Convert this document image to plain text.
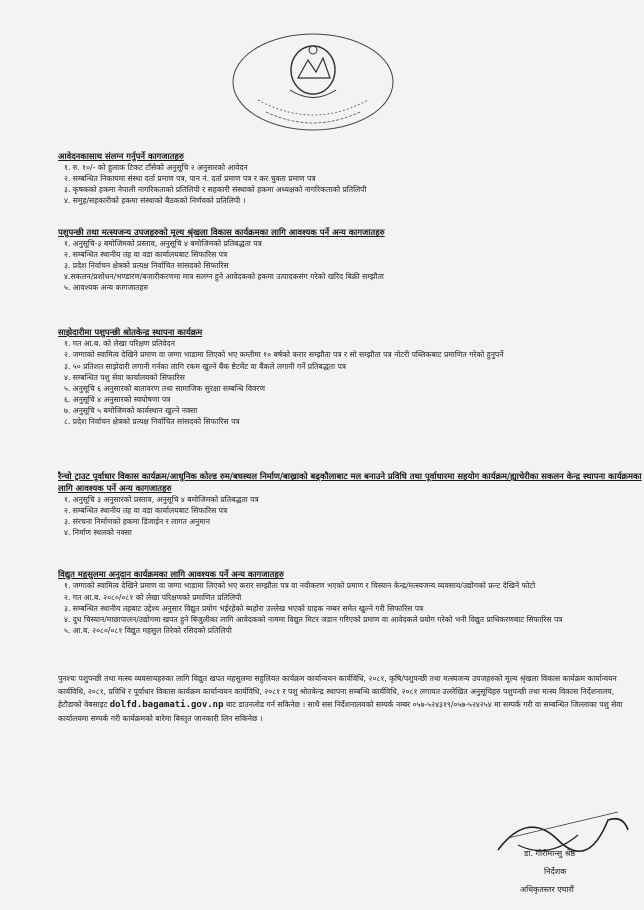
आवेदनकासाथ संलग्न गर्नुपर्ने कागजातहरु
१. रु. १०/- को हुलाक टिकट टाँसेको अनुसूचि २ अनुसारको आवेदन
२. सम्बन्धित निकायमा संस्था दर्ता प्रमाण पत्र, पान नं. दर्ता प्रमाण पत्र र कर चुक्ता प्रमाण पत्र
३. कृषकको हकमा नेपाली नागरिकताको प्रतिलिपी र सहकारी संस्थाको हकमा अध्यक्षको नागरिकताको प्रतिलिपी
४. समुह/सहकारीको हकमा संस्थाको बैठकको निर्णयको प्रतिलिपी ।
पशुपन्छी तथा मत्स्यजन्य उपजहरुको मूल्य श्रृंखला विकास कार्यक्रमका लागि आवश्यक पर्ने अन्य कागजातहरु
१. अनुसूचि-३ बमोजिमको प्रस्ताव, अनुसूचि ४ बमोजिमको प्रतिबद्धता पत्र
२. सम्बन्धित स्थानीय तह वा वडा कार्यालयबाट सिफारिस पत्र
३. प्रदेश निर्वाचन क्षेत्रको प्रत्यक्ष निर्वाचित सांसदको सिफारिस
४.सकलन/प्रशोधन/भण्डारण/बजारीकरणमा मात्र सलग्न हुने आवेदकको हकमा उत्पादकसंग गरेको खरिद बिक्री सम्झौता
५. आवश्यक अन्य कागजातहरु
साझेदारीमा पशुपन्छी श्रोतकेन्द्र स्थापना कार्यक्रम
१. गत आ.ब. को लेखा परिक्षण प्रतिवेदन
२. जग्गाको स्वामित्व देखिने प्रमाण वा जग्गा भाडामा लिएको भए कम्तीमा १० बर्षको करार सम्झौता पत्र र सो सम्झौता पत्र नोटरी पब्लिकबाट प्रमाणित गरेको हुनुपर्ने
३. ५० प्रतिशत साझेदारी लगानी गर्नका लागि रकम खुल्ने बैंक ष्टेटमेंट वा बैंकले लगानी गर्ने प्रतिबद्धता पत्र
४. सम्बन्धित पशु सेवा कार्यालयको सिफारिस
५. अनुसूचि ६ अनुसारको बातावरण तथा सामाजिक सुरक्षा सम्बन्धि विवरण
६. अनुसूचि ४ अनुसारको स्वघोषणा पत्र
७. अनुसूचि ५ बमोजिमको कार्यस्थान खुल्ने नक्सा
८. प्रदेश निर्वाचन क्षेत्रको प्रत्यक्ष निर्वाचित सांसदको सिफारिस पत्र
रैन्चो ट्राउट पूर्वाधार विकास कार्यक्रम/आधुनिक कोल्ड रुम/बधस्थल निर्माण/बाख्राको बढ्कौलाबाट मल बनाउने प्रविधि तथा पूर्वाधारमा सहयोग कार्यक्रम/ह्याचेरीका सकलन केन्द्र स्थापना कार्यक्रमका लागि आवश्यक पर्ने अन्य कागजातहरु
१. अनुसूचि ३ अनुसारको प्रस्ताव, अनुसूचि ४ बमोजिमको प्रतिबद्धता पत्र
२. सम्बन्धित स्थानीय तह वा वडा कार्यालयबाट सिफारिस पत्र
३. संरचना निर्माणको हकमा डिजाईन र लागत अनुमान
४. निर्माण स्थलको नक्सा
विद्युत महसुलमा अनुदान कार्यक्रमका लागि आवश्यक पर्ने अन्य कागजातहरु
१. जग्गाको स्वामित्व देखिने प्रमाण वा जग्गा भाडामा लिएको भए करार सम्झौता पत्र वा नवीकरण भएको प्रमाण र चिस्यान केन्द्र/मत्स्यजन्य व्यवसाय/उद्योगको फ्रन्ट देखिने फोटो
२. गत आ.ब. २०८०/०८१ को लेखा परिक्षणको प्रमाणित प्रतिलिपी
३. सम्बन्धित स्थानीय तहबाट उद्देश्य अनुसार विद्युत प्रयोग भईरहेको ब्यहोरा उल्लेख भएको ग्राहक नम्बर समेत खुल्ने गरी सिफारिस पत्र
४. दुध चिस्यान/माछापालन/उद्योगमा खपत हुने बिजुलीका लागि आवेदकको नाममा विद्युत मिटर जडान गरिएको प्रमाण वा आवेदकले प्रयोग गरेको भनी विद्युत प्राधिकरणबाट सिफारिस पत्र
५. आ.ब. २०८०/०८१ विद्युत महसुल तिरेको रसिदको प्रतिलिपी
पुनश्चः पशुपन्छी तथा मत्स्य व्यवसायहरुका लागि विद्युत खपत महसुलमा सहुलियत कार्यक्रम कार्यान्वयन कार्यविधि, २०८१, कृषि/पशुपन्छी तथा मत्स्यजन्य उपजहरुको मूल्य श्रृंखला विकास कार्यक्रम कार्यान्वयन कार्यविधि, २०८१, प्रविधि र पूर्वाधार विकास कार्यक्रम कार्यान्वयन कार्यविधि, २०८१ र पशु श्रोतकेन्द्र स्थापना सम्बन्धि कार्यविधि, २०८१ लगायत उल्लेखित अनुसूचिहरु पशुपन्छी तथा मत्स्य विकास निर्देशनालय, हेटौडाको वेबसाइट dolfd.bagamati.gov.np बाट डाउनलोड गर्न सकिनेछ । साथै सस निर्देशनालयको सम्पर्क नम्बर ०५७-५२४३१९/०५७-५२४२५४ मा सम्पर्क गरी वा सम्बन्धित जिल्लाका पशु सेवा कार्यालयमा सम्पर्क गरी कार्यक्रमको बारेमा बिस्तृत जानकारी लिन सकिनेछ ।
डा. गौरीमान्सु श्रेष्ठ
निर्देशक
अधिकृतस्तर एघारौं
